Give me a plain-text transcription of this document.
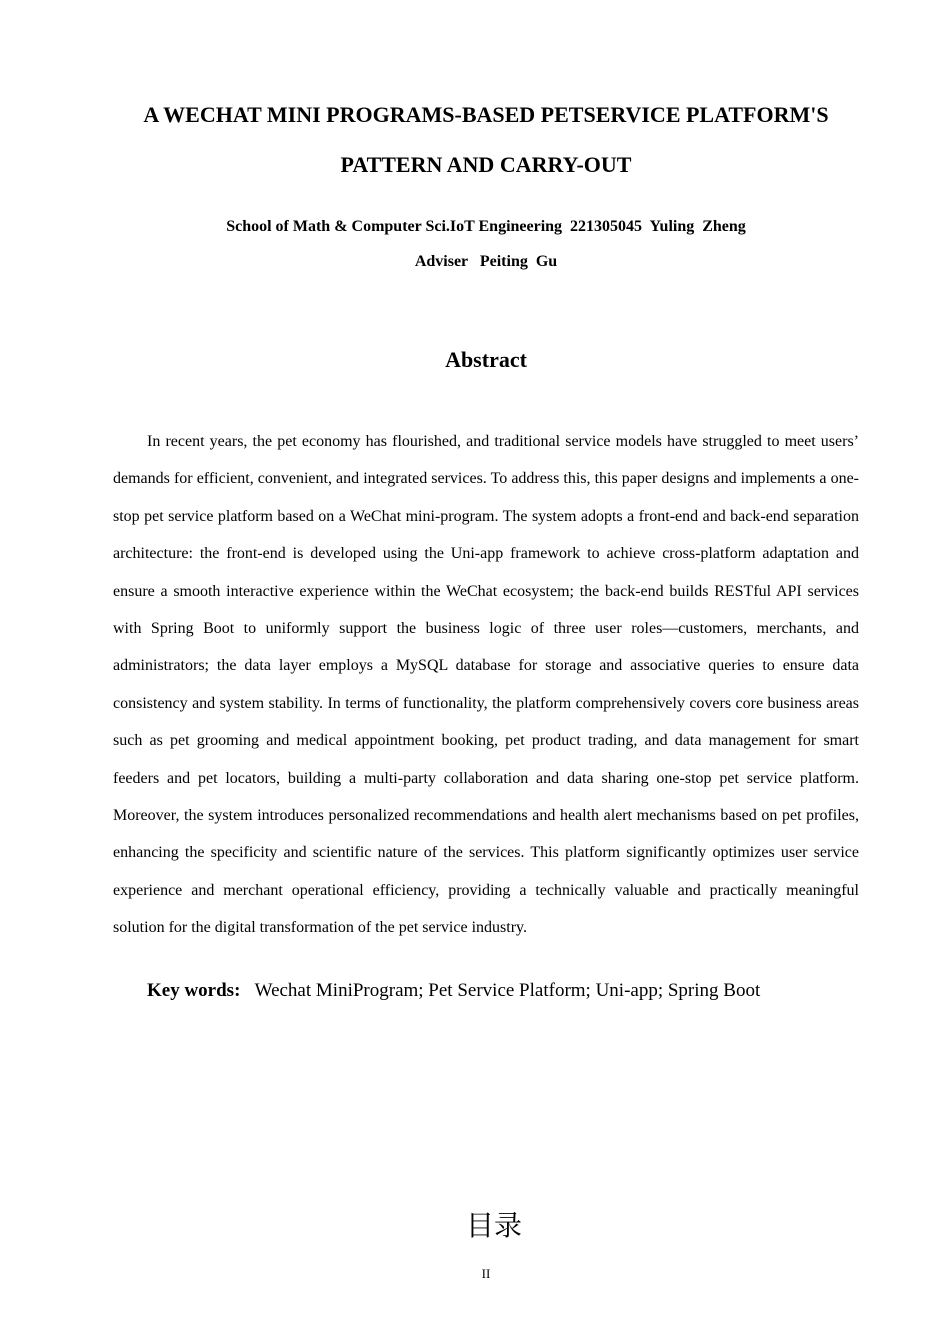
A WECHAT MINI PROGRAMS-BASED PETSERVICE PLATFORM'S
PATTERN AND CARRY-OUT
School of Math & Computer Sci.IoT Engineering  221305045  Yuling  Zheng
Adviser   Peiting  Gu
Abstract

In recent years, the pet economy has flourished, and traditional service models have struggled to meet users’ demands for efficient, convenient, and integrated services. To address this, this paper designs and implements a one-stop pet service platform based on a WeChat mini-program. The system adopts a front-end and back-end separation architecture: the front-end is developed using the Uni-app framework to achieve cross-platform adaptation and ensure a smooth interactive experience within the WeChat ecosystem; the back-end builds RESTful API services with Spring Boot to uniformly support the business logic of three user roles—customers, merchants, and administrators; the data layer employs a MySQL database for storage and associative queries to ensure data consistency and system stability. In terms of functionality, the platform comprehensively covers core business areas such as pet grooming and medical appointment booking, pet product trading, and data management for smart feeders and pet locators, building a multi-party collaboration and data sharing one-stop pet service platform. Moreover, the system introduces personalized recommendations and health alert mechanisms based on pet profiles, enhancing the specificity and scientific nature of the services. This platform significantly optimizes user service experience and merchant operational efficiency, providing a technically valuable and practically meaningful solution for the digital transformation of the pet service industry.

Key words: Wechat MiniProgram; Pet Service Platform; Uni-app; Spring Boot
目录
II
